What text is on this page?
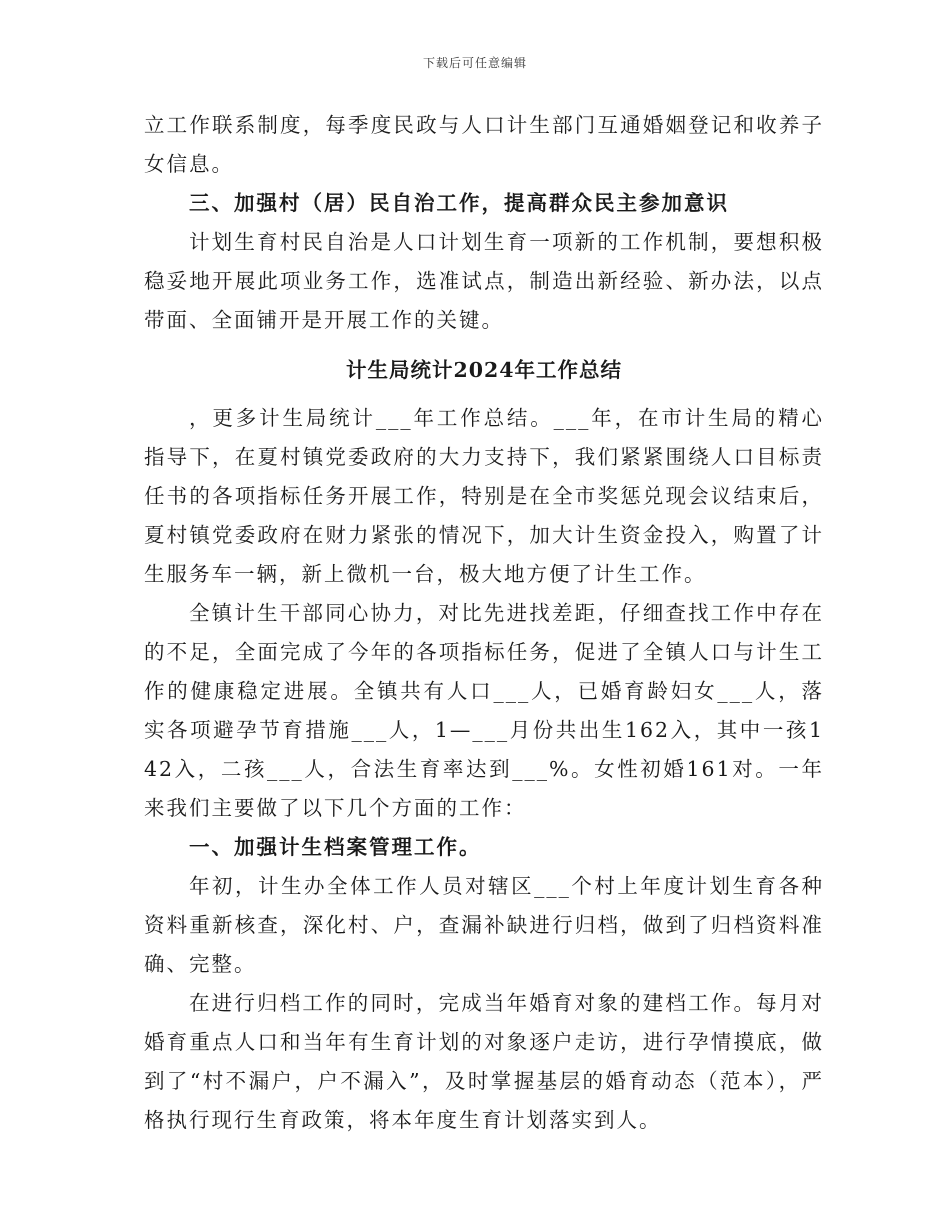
下载后可任意编辑

立工作联系制度，每季度民政与人口计生部门互通婚姻登记和收养子女信息。

三、加强村（居）民自治工作，提高群众民主参加意识

计划生育村民自治是人口计划生育一项新的工作机制，要想积极稳妥地开展此项业务工作，选准试点，制造出新经验、新办法，以点带面、全面铺开是开展工作的关键。

计生局统计2024年工作总结

，更多计生局统计___年工作总结。___年，在市计生局的精心指导下，在夏村镇党委政府的大力支持下，我们紧紧围绕人口目标责任书的各项指标任务开展工作，特别是在全市奖惩兑现会议结束后，夏村镇党委政府在财力紧张的情况下，加大计生资金投入，购置了计生服务车一辆，新上微机一台，极大地方便了计生工作。

全镇计生干部同心协力，对比先进找差距，仔细查找工作中存在的不足，全面完成了今年的各项指标任务，促进了全镇人口与计生工作的健康稳定进展。全镇共有人口___人，已婚育龄妇女___人，落实各项避孕节育措施___人，1—___月份共出生162入，其中一孩142入，二孩___人，合法生育率达到___%。女性初婚161对。一年来我们主要做了以下几个方面的工作：

一、加强计生档案管理工作。

年初，计生办全体工作人员对辖区___个村上年度计划生育各种资料重新核查，深化村、户，查漏补缺进行归档，做到了归档资料准确、完整。

在进行归档工作的同时，完成当年婚育对象的建档工作。每月对婚育重点人口和当年有生育计划的对象逐户走访，进行孕情摸底，做到了“村不漏户，户不漏入”，及时掌握基层的婚育动态（范本），严格执行现行生育政策，将本年度生育计划落实到人。
